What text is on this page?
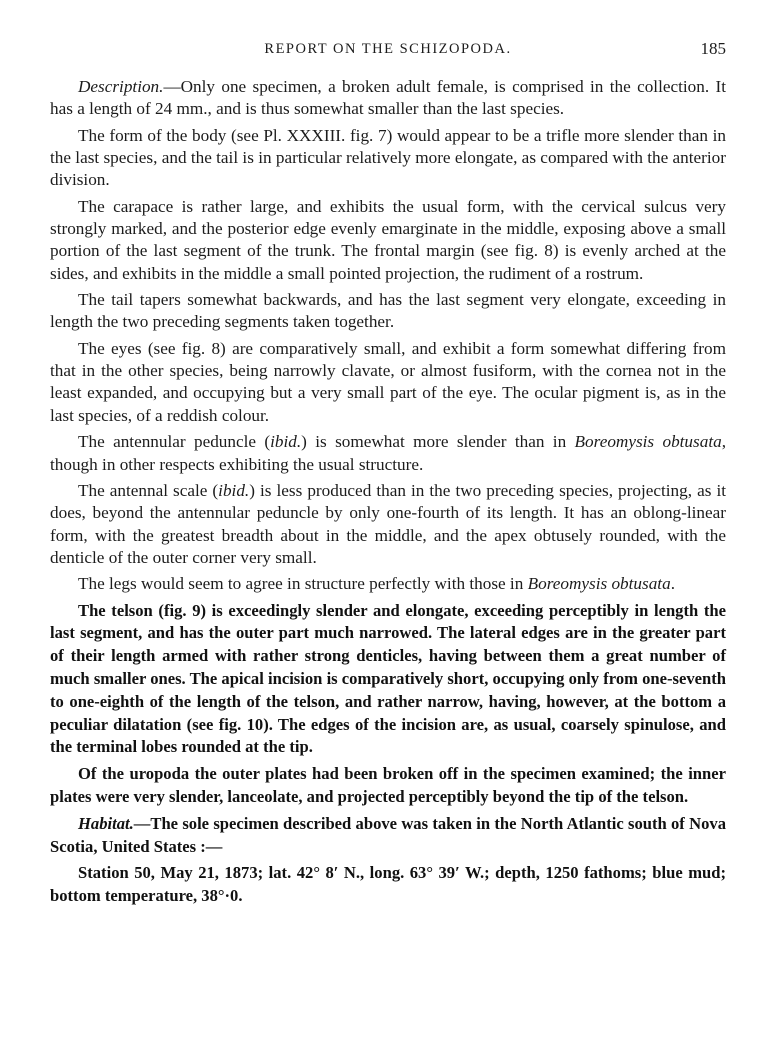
REPORT ON THE SCHIZOPODA.	185

Description.—Only one specimen, a broken adult female, is comprised in the collection. It has a length of 24 mm., and is thus somewhat smaller than the last species.

The form of the body (see Pl. XXXIII. fig. 7) would appear to be a trifle more slender than in the last species, and the tail is in particular relatively more elongate, as compared with the anterior division.

The carapace is rather large, and exhibits the usual form, with the cervical sulcus very strongly marked, and the posterior edge evenly emarginate in the middle, exposing above a small portion of the last segment of the trunk. The frontal margin (see fig. 8) is evenly arched at the sides, and exhibits in the middle a small pointed projection, the rudiment of a rostrum.

The tail tapers somewhat backwards, and has the last segment very elongate, exceeding in length the two preceding segments taken together.

The eyes (see fig. 8) are comparatively small, and exhibit a form somewhat differing from that in the other species, being narrowly clavate, or almost fusiform, with the cornea not in the least expanded, and occupying but a very small part of the eye. The ocular pigment is, as in the last species, of a reddish colour.

The antennular peduncle (ibid.) is somewhat more slender than in Boreomysis obtusata, though in other respects exhibiting the usual structure.

The antennal scale (ibid.) is less produced than in the two preceding species, projecting, as it does, beyond the antennular peduncle by only one-fourth of its length. It has an oblong-linear form, with the greatest breadth about in the middle, and the apex obtusely rounded, with the denticle of the outer corner very small.

The legs would seem to agree in structure perfectly with those in Boreomysis obtusata.

The telson (fig. 9) is exceedingly slender and elongate, exceeding perceptibly in length the last segment, and has the outer part much narrowed. The lateral edges are in the greater part of their length armed with rather strong denticles, having between them a great number of much smaller ones. The apical incision is comparatively short, occupying only from one-seventh to one-eighth of the length of the telson, and rather narrow, having, however, at the bottom a peculiar dilatation (see fig. 10). The edges of the incision are, as usual, coarsely spinulose, and the terminal lobes rounded at the tip.

Of the uropoda the outer plates had been broken off in the specimen examined; the inner plates were very slender, lanceolate, and projected perceptibly beyond the tip of the telson.

Habitat.—The sole specimen described above was taken in the North Atlantic south of Nova Scotia, United States :—

Station 50, May 21, 1873; lat. 42° 8′ N., long. 63° 39′ W.; depth, 1250 fathoms; blue mud; bottom temperature, 38°·0.
